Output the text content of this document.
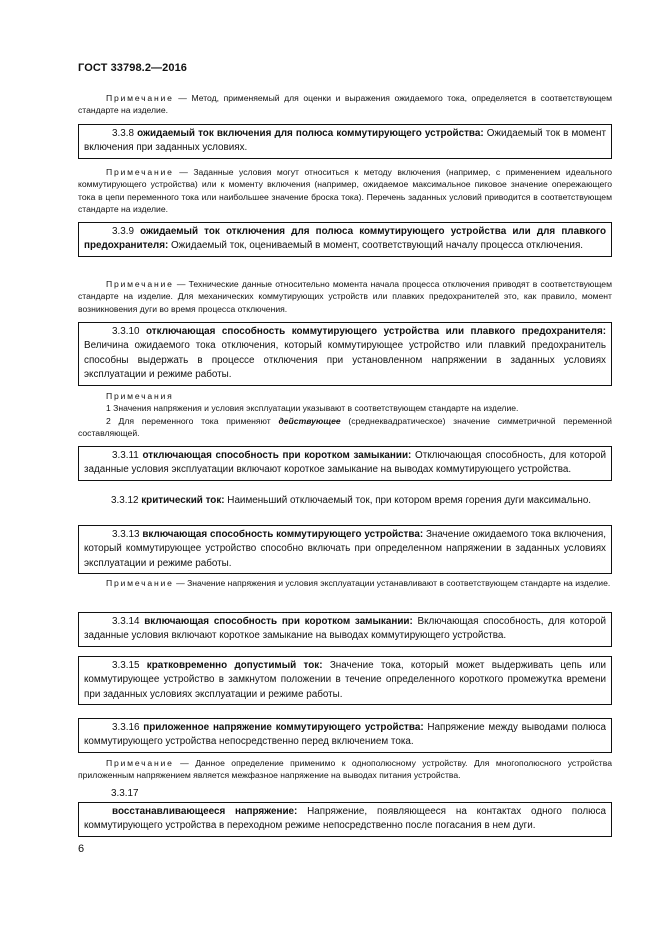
ГОСТ 33798.2—2016

Примечание — Метод, применяемый для оценки и выражения ожидаемого тока, определяется в соответствующем стандарте на изделие.

3.3.8 ожидаемый ток включения для полюса коммутирующего устройства: Ожидаемый ток в момент включения при заданных условиях.

Примечание — Заданные условия могут относиться к методу включения (например, с применением идеального коммутирующего устройства) или к моменту включения (например, ожидаемое максимальное пиковое значение опережающего тока в цепи переменного тока или наибольшее значение броска тока). Перечень заданных условий приводится в соответствующем стандарте на изделие.

3.3.9 ожидаемый ток отключения для полюса коммутирующего устройства или для плавкого предохранителя: Ожидаемый ток, оцениваемый в момент, соответствующий началу процесса отключения.

Примечание — Технические данные относительно момента начала процесса отключения приводят в соответствующем стандарте на изделие. Для механических коммутирующих устройств или плавких предохранителей это, как правило, момент возникновения дуги во время процесса отключения.

3.3.10 отключающая способность коммутирующего устройства или плавкого предохранителя: Величина ожидаемого тока отключения, который коммутирующее устройство или плавкий предохранитель способны выдержать в процессе отключения при установленном напряжении в заданных условиях эксплуатации и режиме работы.

Примечания

1 Значения напряжения и условия эксплуатации указывают в соответствующем стандарте на изделие.

2 Для переменного тока применяют действующее (среднеквадратическое) значение симметричной переменной составляющей.

3.3.11 отключающая способность при коротком замыкании: Отключающая способность, для которой заданные условия эксплуатации включают короткое замыкание на выводах коммутирующего устройства.

3.3.12 критический ток: Наименьший отключаемый ток, при котором время горения дуги максимально.

3.3.13 включающая способность коммутирующего устройства: Значение ожидаемого тока включения, который коммутирующее устройство способно включать при определенном напряжении в заданных условиях эксплуатации и режиме работы.

Примечание — Значение напряжения и условия эксплуатации устанавливают в соответствующем стандарте на изделие.

3.3.14 включающая способность при коротком замыкании: Включающая способность, для которой заданные условия включают короткое замыкание на выводах коммутирующего устройства.

3.3.15 кратковременно допустимый ток: Значение тока, который может выдерживать цепь или коммутирующее устройство в замкнутом положении в течение определенного короткого промежутка времени при заданных условиях эксплуатации и режиме работы.

3.3.16 приложенное напряжение коммутирующего устройства: Напряжение между выводами полюса коммутирующего устройства непосредственно перед включением тока.

Примечание — Данное определение применимо к однополюсному устройству. Для многополюсного устройства приложенным напряжением является межфазное напряжение на выводах питания устройства.

3.3.17

восстанавливающееся напряжение: Напряжение, появляющееся на контактах одного полюса коммутирующего устройства в переходном режиме непосредственно после погасания в нем дуги.

6
